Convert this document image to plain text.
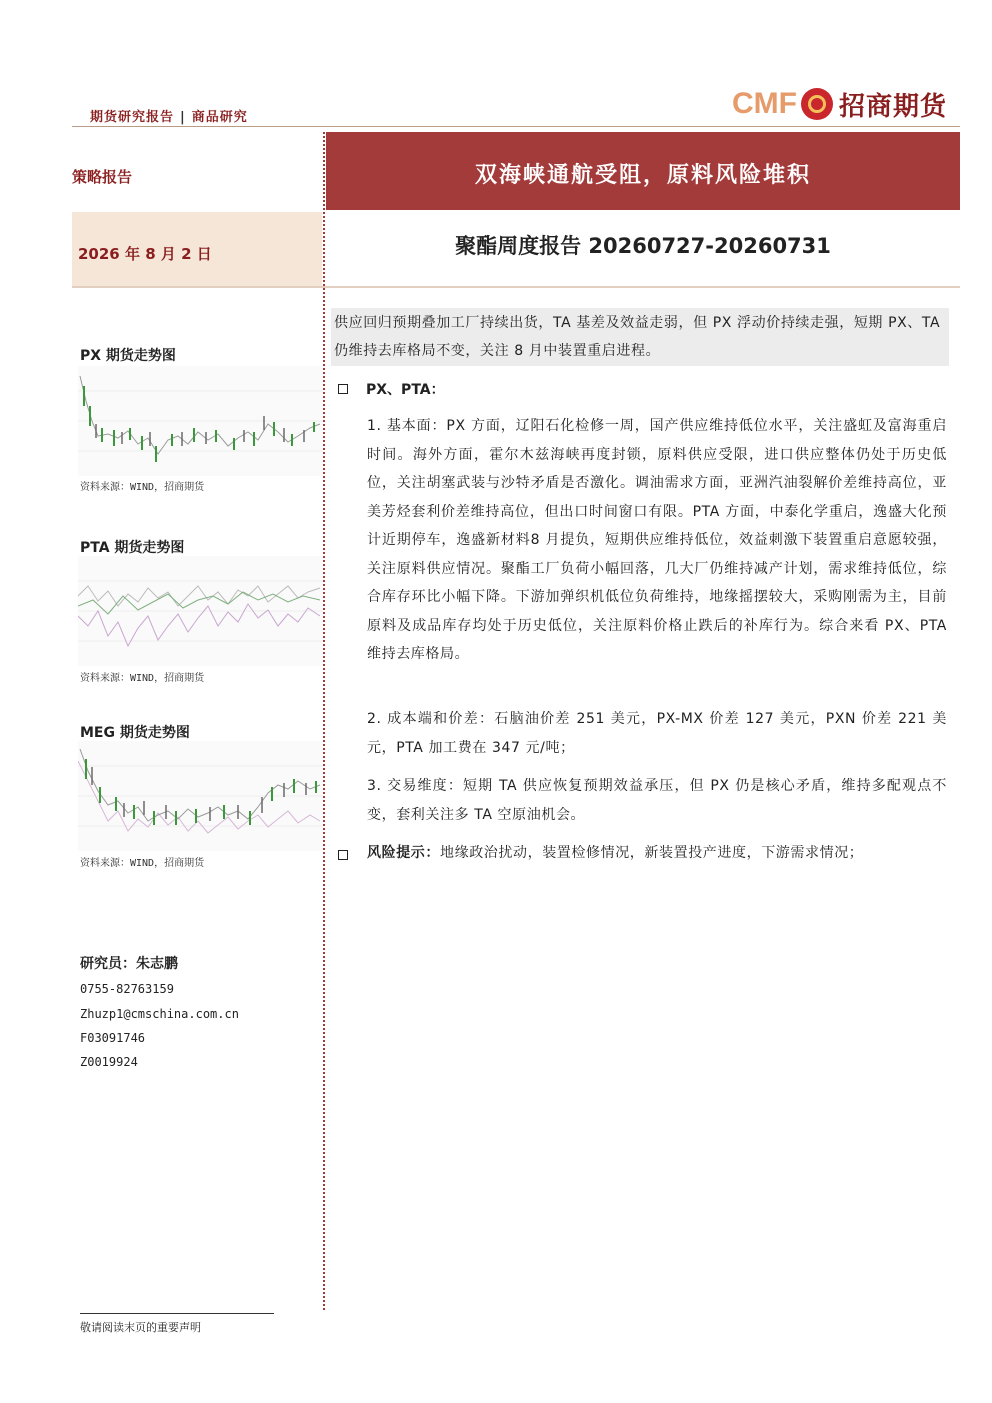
期货研究报告 | 商品研究	CMF 招商期货
策略报告
2026 年 8 月 2 日
双海峡通航受阻，原料风险堆积
聚酯周度报告 20260727-20260731
PX 期货走势图
资料来源：WIND，招商期货
PTA 期货走势图
资料来源：WIND，招商期货
MEG 期货走势图
资料来源：WIND，招商期货
研究员：朱志鹏
0755-82763159
Zhuzp1@cmschina.com.cn
F03091746
Z0019924
敬请阅读末页的重要声明
供应回归预期叠加工厂持续出货，TA 基差及效益走弱，但 PX 浮动价持续走强，短期 PX、TA 仍维持去库格局不变，关注 8 月中装置重启进程。
PX、PTA：
1. 基本面：PX 方面，辽阳石化检修一周，国产供应维持低位水平，关注盛虹及富海重启时间。海外方面，霍尔木兹海峡再度封锁，原料供应受限，进口供应整体仍处于历史低位，关注胡塞武装与沙特矛盾是否激化。调油需求方面，亚洲汽油裂解价差维持高位，亚美芳烃套利价差维持高位，但出口时间窗口有限。PTA 方面，中泰化学重启，逸盛大化预计近期停车，逸盛新材料8 月提负，短期供应维持低位，效益刺激下装置重启意愿较强，关注原料供应情况。聚酯工厂负荷小幅回落，几大厂仍维持减产计划，需求维持低位，综合库存环比小幅下降。下游加弹织机低位负荷维持，地缘摇摆较大，采购刚需为主，目前原料及成品库存均处于历史低位，关注原料价格止跌后的补库行为。综合来看 PX、PTA 维持去库格局。
2. 成本端和价差：石脑油价差 251 美元，PX-MX 价差 127 美元，PXN 价差 221 美元，PTA 加工费在 347 元/吨；
3. 交易维度：短期 TA 供应恢复预期效益承压，但 PX 仍是核心矛盾，维持多配观点不变，套利关注多 TA 空原油机会。
风险提示：地缘政治扰动，装置检修情况，新装置投产进度，下游需求情况；
